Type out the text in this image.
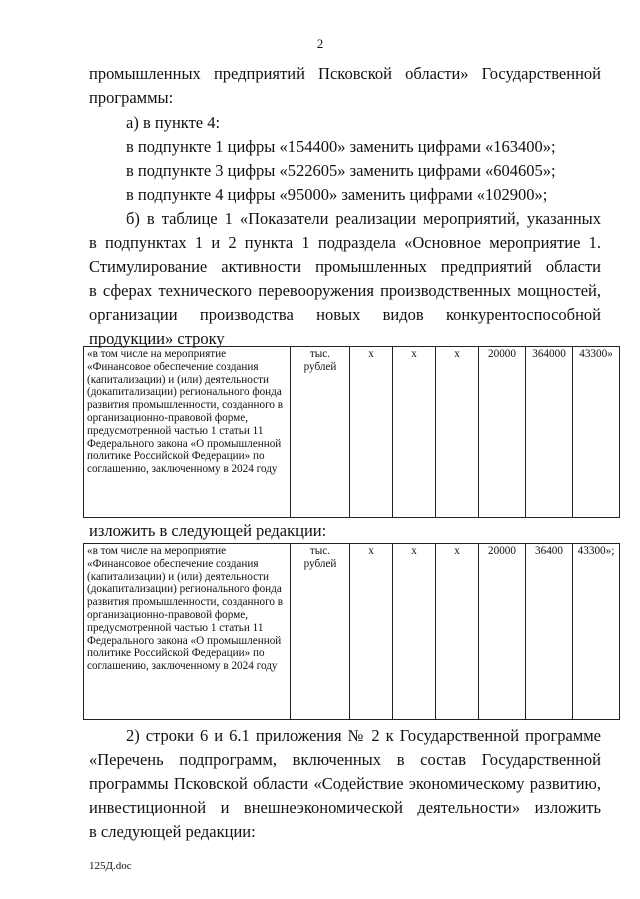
2
промышленных предприятий Псковской области» Государственной
программы:
а) в пункте 4:
в подпункте 1 цифры «154400» заменить цифрами «163400»;
в подпункте 3 цифры «522605» заменить цифрами «604605»;
в подпункте 4 цифры «95000» заменить цифрами «102900»;
б) в таблице 1 «Показатели реализации мероприятий, указанных
в подпунктах 1 и 2 пункта 1 подраздела «Основное мероприятие 1.
Стимулирование активности промышленных предприятий области
в сферах технического перевооружения производственных мощностей,
организации производства новых видов конкурентоспособной
продукции» строку
«в том числе на мероприятие «Финансовое обеспечение создания (капитализации) и (или) деятельности (докапитализации) регионального фонда развития промышленности, созданного в организационно-правовой форме, предусмотренной частью 1 статьи 11 Федерального закона «О промышленной политике Российской Федерации» по соглашению, заключенному в 2024 году	тыс. рублей	x	x	x	20000	364000	43300»
изложить в следующей редакции:
«в том числе на мероприятие «Финансовое обеспечение создания (капитализации) и (или) деятельности (докапитализации) регионального фонда развития промышленности, созданного в организационно-правовой форме, предусмотренной частью 1 статьи 11 Федерального закона «О промышленной политике Российской Федерации» по соглашению, заключенному в 2024 году	тыс. рублей	x	x	x	20000	36400	43300»;
2) строки 6 и 6.1 приложения № 2 к Государственной программе
«Перечень подпрограмм, включенных в состав Государственной
программы Псковской области «Содействие экономическому развитию,
инвестиционной и внешнеэкономической деятельности» изложить
в следующей редакции:
125Д.doc
